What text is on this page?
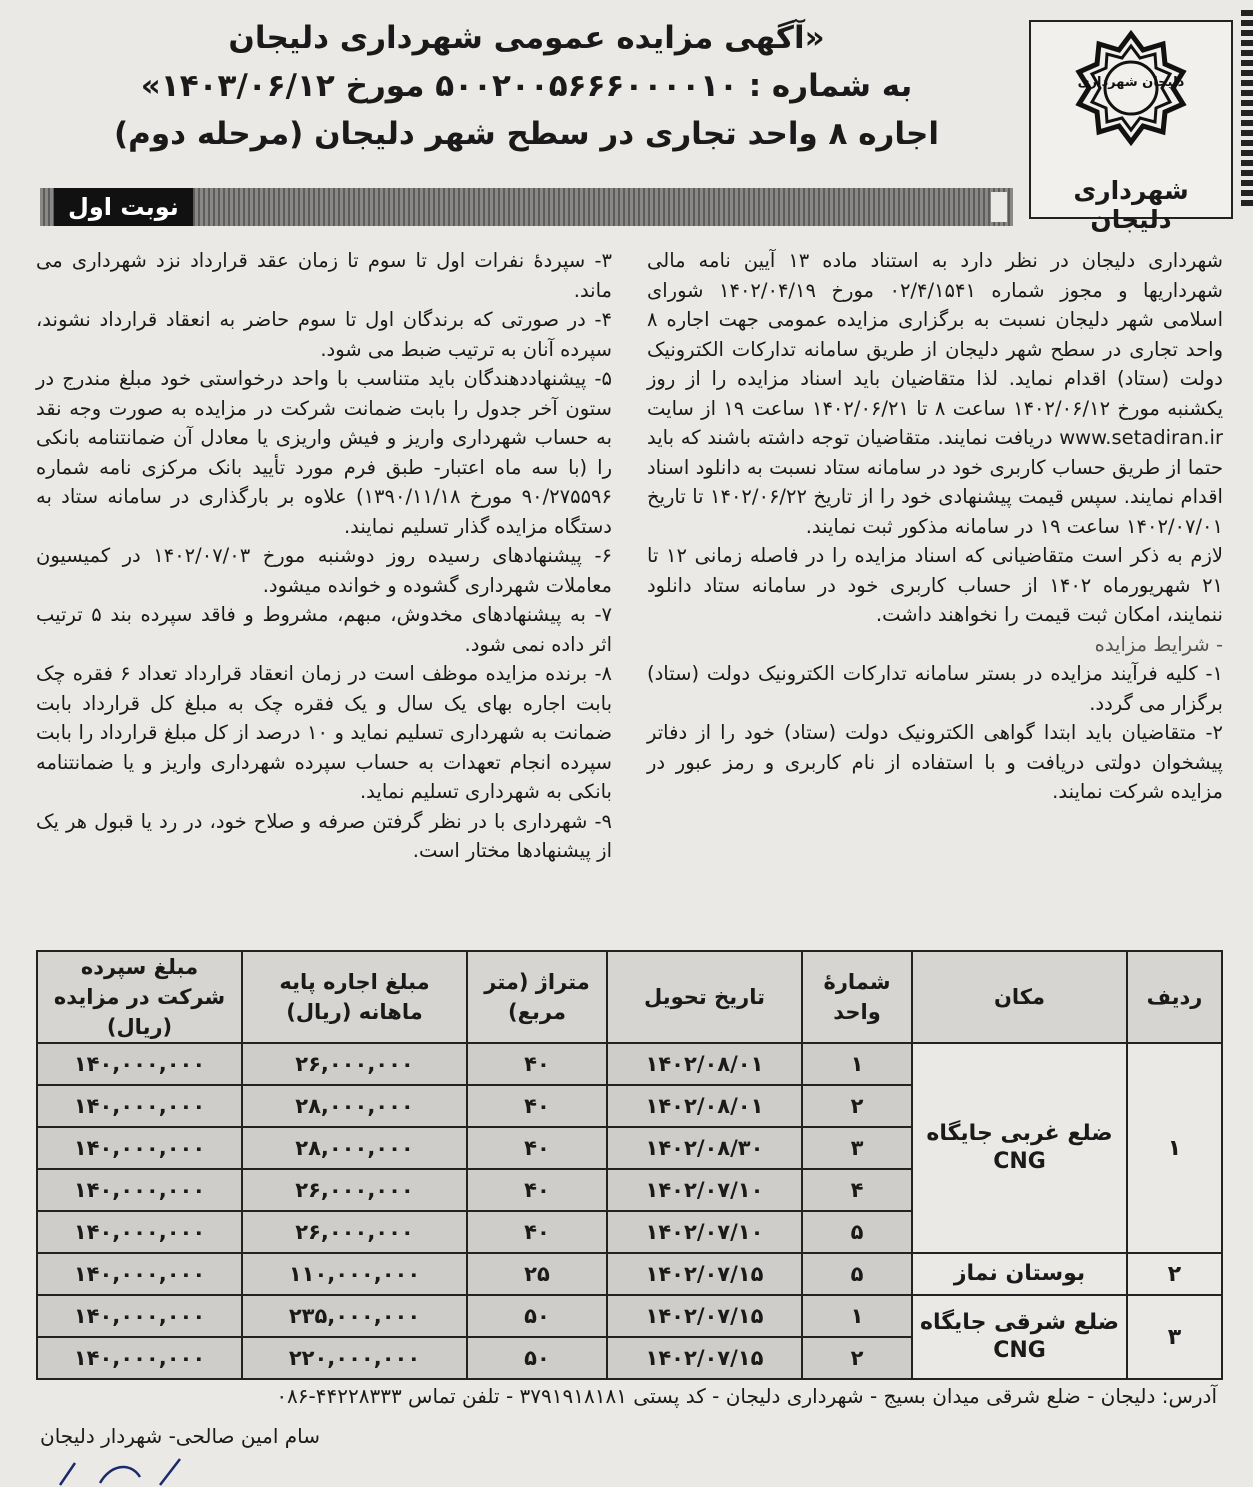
دلیجان شهرداری
شهرداری دلیجان
«آگهی مزایده عمومی شهرداری دلیجان
به شماره : ۵۰۰۲۰۰۵۶۶۶۰۰۰۰۱۰ مورخ ۱۴۰۳/۰۶/۱۲»
اجاره ۸ واحد تجاری در سطح شهر دلیجان (مرحله دوم)
نوبت اول

شهرداری دلیجان در نظر دارد به استناد ماده ۱۳ آیین نامه مالی شهرداریها و مجوز شماره ۰۲/۴/۱۵۴۱ مورخ ۱۴۰۲/۰۴/۱۹ شورای اسلامی شهر دلیجان نسبت به برگزاری مزایده عمومی جهت اجاره ۸ واحد تجاری در سطح شهر دلیجان از طریق سامانه تدارکات الکترونیک دولت (ستاد) اقدام نماید. لذا متقاضیان باید اسناد مزایده را از روز یکشنبه مورخ ۱۴۰۲/۰۶/۱۲ ساعت ۸ تا ۱۴۰۲/۰۶/۲۱ ساعت ۱۹ از سایت www.setadiran.ir دریافت نمایند. متقاضیان توجه داشته باشند که باید حتما از طریق حساب کاربری خود در سامانه ستاد نسبت به دانلود اسناد اقدام نمایند. سپس قیمت پیشنهادی خود را از تاریخ ۱۴۰۲/۰۶/۲۲ تا تاریخ ۱۴۰۲/۰۷/۰۱ ساعت ۱۹ در سامانه مذکور ثبت نمایند.

لازم به ذکر است متقاضیانی که اسناد مزایده را در فاصله زمانی ۱۲ تا ۲۱ شهریورماه ۱۴۰۲ از حساب کاربری خود در سامانه ستاد دانلود ننمایند، امکان ثبت قیمت را نخواهند داشت.

- شرایط مزایده

۱- کلیه فرآیند مزایده در بستر سامانه تدارکات الکترونیک دولت (ستاد) برگزار می گردد.

۲- متقاضیان باید ابتدا گواهی الکترونیک دولت (ستاد) خود را از دفاتر پیشخوان دولتی دریافت و با استفاده از نام کاربری و رمز عبور در مزایده شرکت نمایند.

۳- سپردهٔ نفرات اول تا سوم تا زمان عقد قرارداد نزد شهرداری می ماند.

۴- در صورتی که برندگان اول تا سوم حاضر به انعقاد قرارداد نشوند، سپرده آنان به ترتیب ضبط می شود.

۵- پیشنهاددهندگان باید متناسب با واحد درخواستی خود مبلغ مندرج در ستون آخر جدول را بابت ضمانت شرکت در مزایده به صورت وجه نقد به حساب شهرداری واریز و فیش واریزی یا معادل آن ضمانتنامه بانکی را (با سه ماه اعتبار- طبق فرم مورد تأیید بانک مرکزی نامه شماره ۹۰/۲۷۵۵۹۶ مورخ ۱۳۹۰/۱۱/۱۸) علاوه بر بارگذاری در سامانه ستاد به دستگاه مزایده گذار تسلیم نمایند.

۶- پیشنهادهای رسیده روز دوشنبه مورخ ۱۴۰۲/۰۷/۰۳ در کمیسیون معاملات شهرداری گشوده و خوانده میشود.

۷- به پیشنهادهای مخدوش، مبهم، مشروط و فاقد سپرده بند ۵ ترتیب اثر داده نمی شود.

۸- برنده مزایده موظف است در زمان انعقاد قرارداد تعداد ۶ فقره چک بابت اجاره بهای یک سال و یک فقره چک به مبلغ کل قرارداد بابت ضمانت به شهرداری تسلیم نماید و ۱۰ درصد از کل مبلغ قرارداد را بابت سپرده انجام تعهدات به حساب سپرده شهرداری واریز و یا ضمانتنامه بانکی به شهرداری تسلیم نماید.

۹- شهرداری با در نظر گرفتن صرفه و صلاح خود، در رد یا قبول هر یک از پیشنهادها مختار است.

ردیف	مکان	شمارهٔ واحد	تاریخ تحویل	متراژ (متر مربع)	مبلغ اجاره پایه ماهانه (ریال)	مبلغ سپرده شرکت در مزایده (ریال)
۱	ضلع غربی جایگاه CNG	۱	۱۴۰۲/۰۸/۰۱	۴۰	۲۶,۰۰۰,۰۰۰	۱۴۰,۰۰۰,۰۰۰
		۲	۱۴۰۲/۰۸/۰۱	۴۰	۲۸,۰۰۰,۰۰۰	۱۴۰,۰۰۰,۰۰۰
		۳	۱۴۰۲/۰۸/۳۰	۴۰	۲۸,۰۰۰,۰۰۰	۱۴۰,۰۰۰,۰۰۰
		۴	۱۴۰۲/۰۷/۱۰	۴۰	۲۶,۰۰۰,۰۰۰	۱۴۰,۰۰۰,۰۰۰
		۵	۱۴۰۲/۰۷/۱۰	۴۰	۲۶,۰۰۰,۰۰۰	۱۴۰,۰۰۰,۰۰۰
۲	بوستان نماز	۵	۱۴۰۲/۰۷/۱۵	۲۵	۱۱۰,۰۰۰,۰۰۰	۱۴۰,۰۰۰,۰۰۰
۳	ضلع شرقی جایگاه CNG	۱	۱۴۰۲/۰۷/۱۵	۵۰	۲۳۵,۰۰۰,۰۰۰	۱۴۰,۰۰۰,۰۰۰
		۲	۱۴۰۲/۰۷/۱۵	۵۰	۲۲۰,۰۰۰,۰۰۰	۱۴۰,۰۰۰,۰۰۰
آدرس: دلیجان - ضلع شرقی میدان بسیج - شهرداری دلیجان - کد پستی ۳۷۹۱۹۱۸۱۸۱ - تلفن تماس ۴۴۲۲۸۳۳۳-۰۸۶
سام امین صالحی- شهردار دلیجان
